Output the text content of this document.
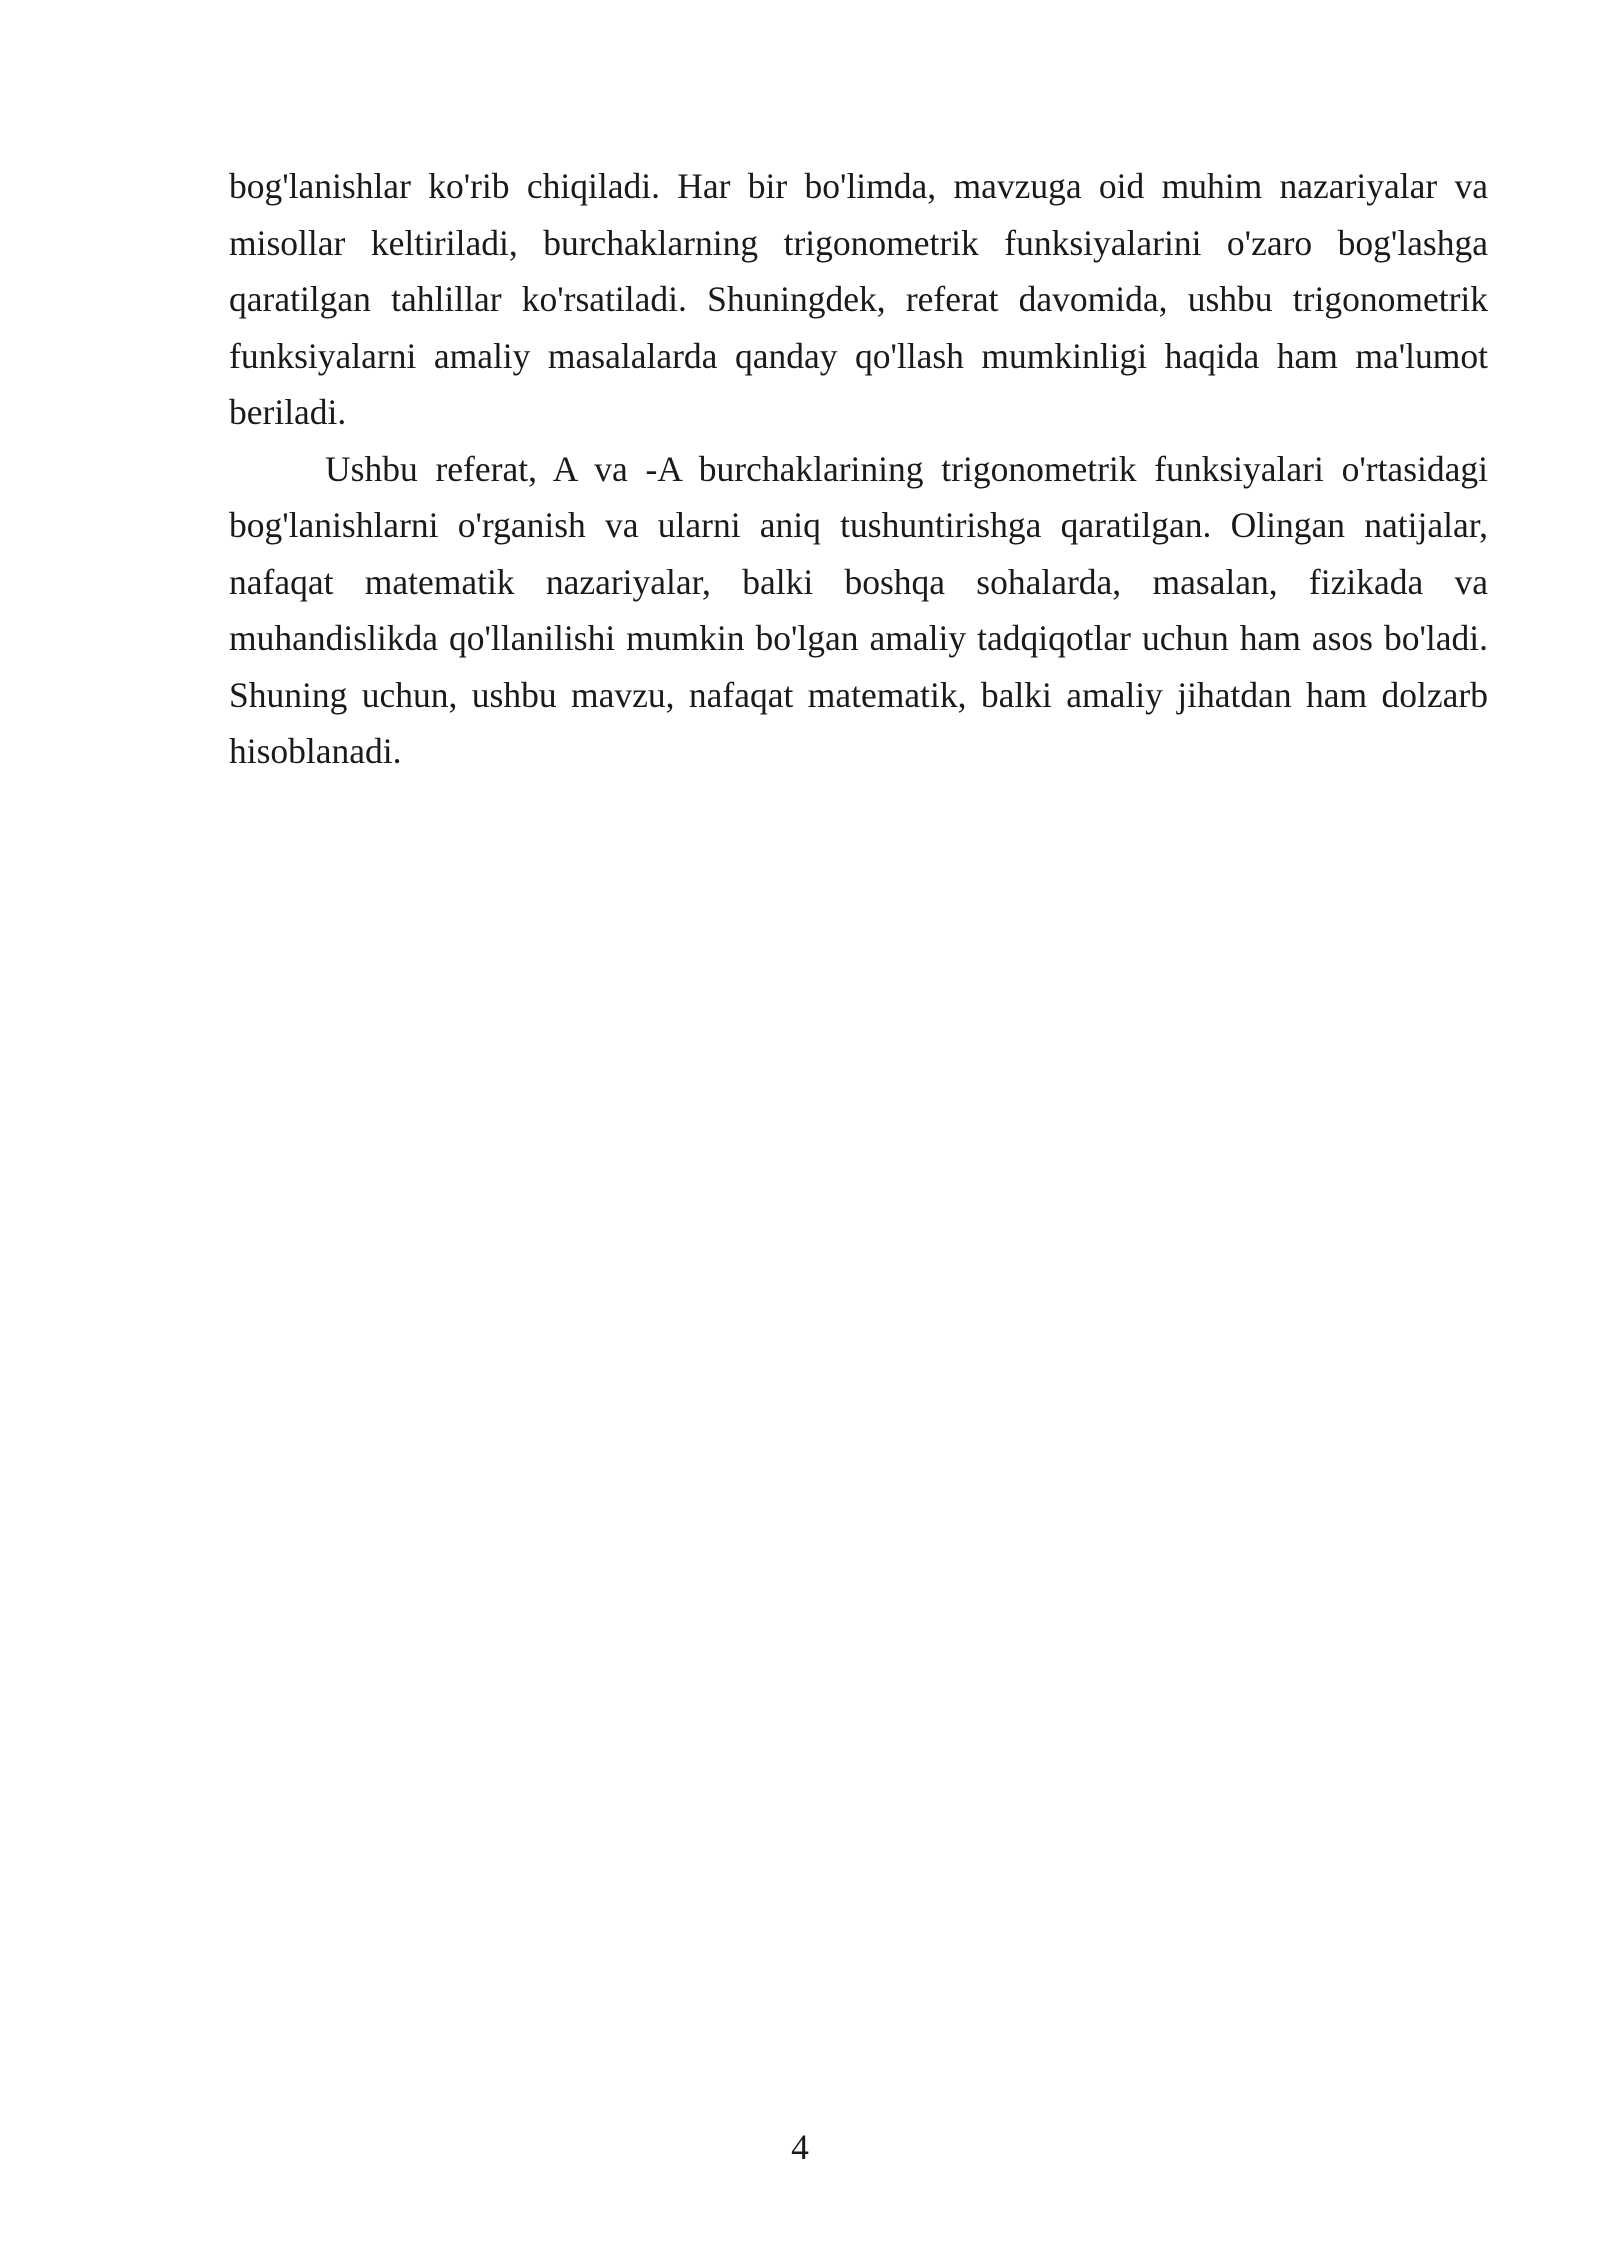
bog'lanishlar ko'rib chiqiladi. Har bir bo'limda, mavzuga oid muhim nazariyalar va misollar keltiriladi, burchaklarning trigonometrik funksiyalarini o'zaro bog'lashga qaratilgan tahlillar ko'rsatiladi. Shuningdek, referat davomida, ushbu trigonometrik funksiyalarni amaliy masalalarda qanday qo'llash mumkinligi haqida ham ma'lumot beriladi.

Ushbu referat, A va -A burchaklarining trigonometrik funksiyalari o'rtasidagi bog'lanishlarni o'rganish va ularni aniq tushuntirishga qaratilgan. Olingan natijalar, nafaqat matematik nazariyalar, balki boshqa sohalarda, masalan, fizikada va muhandislikda qo'llanilishi mumkin bo'lgan amaliy tadqiqotlar uchun ham asos bo'ladi. Shuning uchun, ushbu mavzu, nafaqat matematik, balki amaliy jihatdan ham dolzarb hisoblanadi.

4
